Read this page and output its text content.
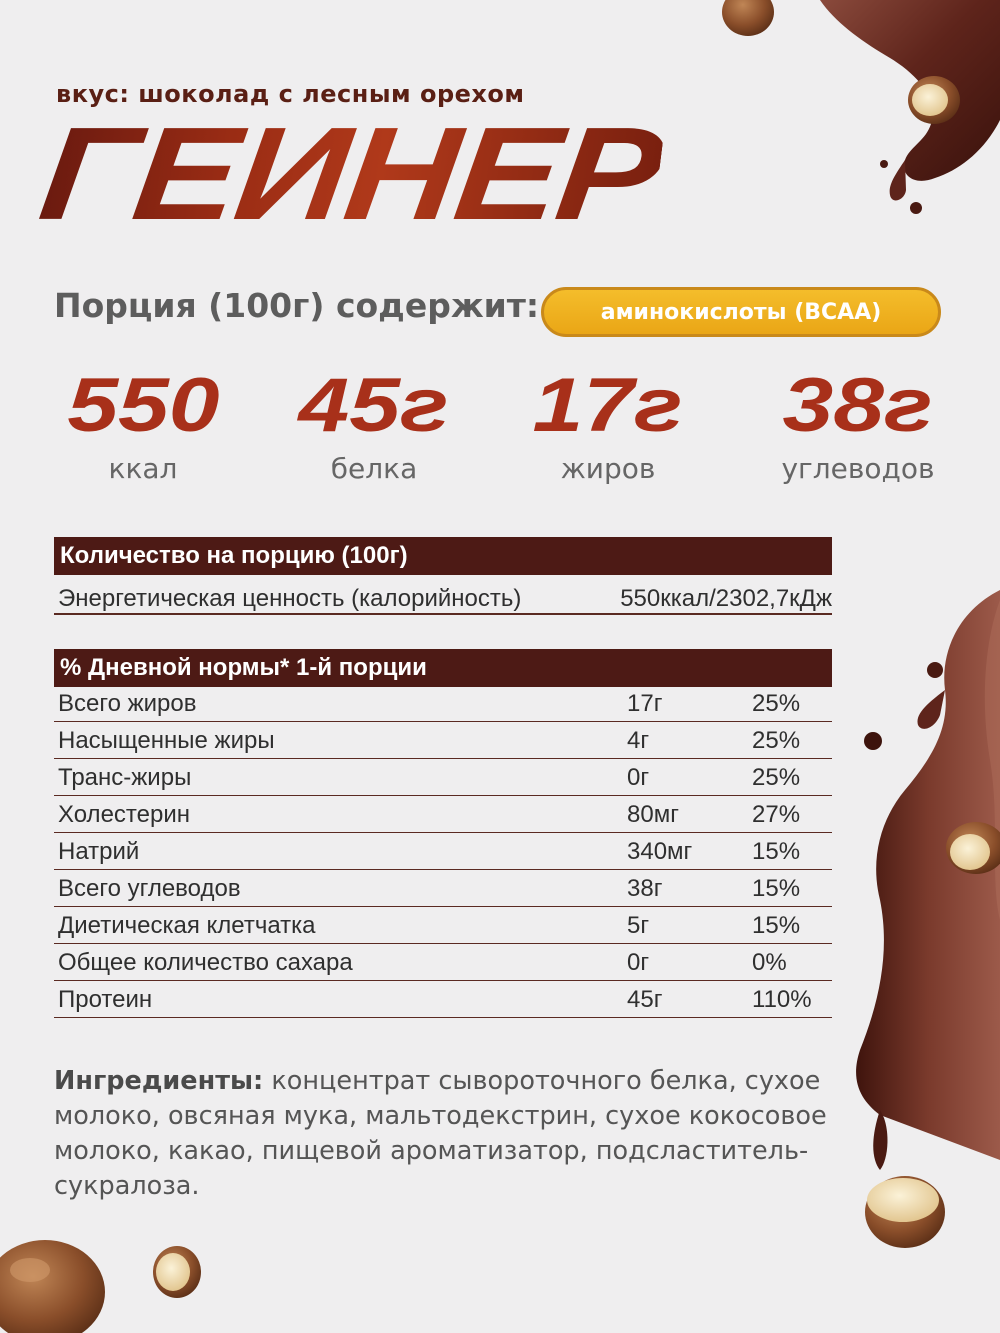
вкус: шоколад с лесным орехом
ГЕИНЕР
Порция (100г) содержит:	аминокислоты (BCAA)
550
ккал
45г
белка
17г
жиров
38г
углеводов
Количество на порцию (100г)
Энергетическая ценность (калорийность)	550ккал/2302,7кДж
% Дневной нормы* 1-й порции
Всего жиров	17г	25%
Насыщенные жиры	4г	25%
Транс-жиры	0г	25%
Холестерин	80мг	27%
Натрий	340мг 15%
Всего углеводов	38г	15%
Диетическая клетчатка	5г	15%
Общее количество сахара	0г	0%
Протеин	45г	110%
Ингредиенты: концентрат сывороточного белка, сухое молоко, овсяная мука, мальтодекстрин, сухое кокосовое молоко, какао, пищевой ароматизатор, подсластитель-сукралоза.
